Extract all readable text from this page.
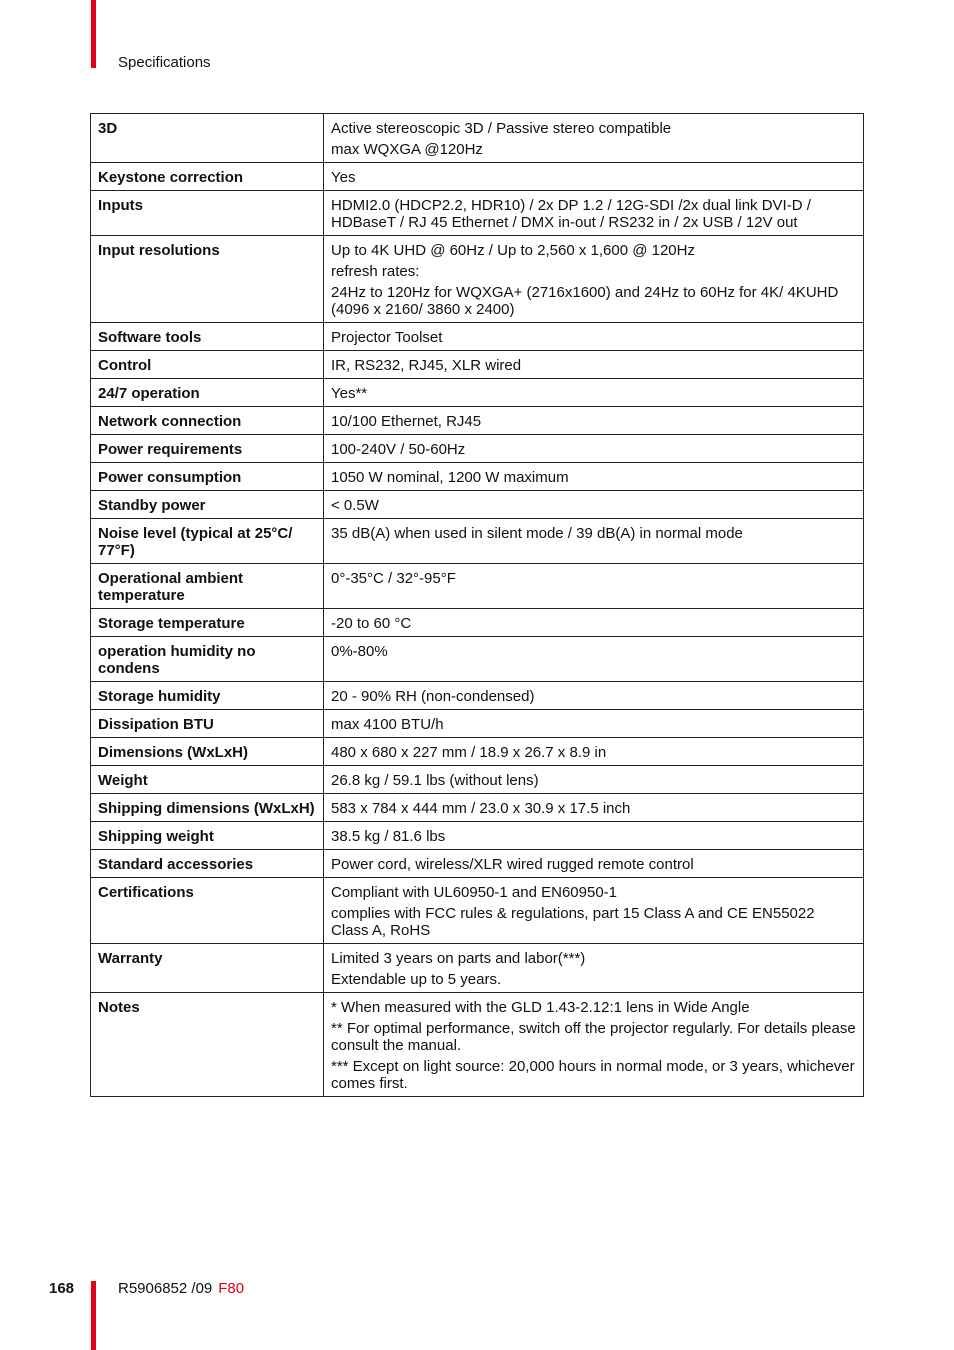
Specifications
3D	Active stereoscopic 3D / Passive stereo compatible

max WQXGA @120Hz

Keystone correction	Yes

Inputs	HDMI2.0 (HDCP2.2, HDR10) / 2x DP 1.2 / 12G-SDI /2x dual link DVI-D / HDBaseT / RJ 45 Ethernet / DMX in-out / RS232 in / 2x USB / 12V out

Input resolutions	Up to 4K UHD @ 60Hz / Up to 2,560 x 1,600 @ 120Hz

refresh rates:

24Hz to 120Hz for WQXGA+ (2716x1600) and 24Hz to 60Hz for 4K/ 4KUHD (4096 x 2160/ 3860 x 2400)

Software tools	Projector Toolset

Control	IR, RS232, RJ45, XLR wired

24/7 operation	Yes**

Network connection	10/100 Ethernet, RJ45

Power requirements	100-240V / 50-60Hz

Power consumption	1050 W nominal, 1200 W maximum

Standby power	< 0.5W

Noise level (typical at 25°C/ 77°F)	35 dB(A) when used in silent mode / 39 dB(A) in normal mode

Operational ambient temperature	0°-35°C / 32°-95°F

Storage temperature	-20 to 60 °C

operation humidity no condens	0%-80%

Storage humidity	20 - 90% RH (non-condensed)

Dissipation BTU	max 4100 BTU/h

Dimensions (WxLxH)	480 x 680 x 227 mm / 18.9 x 26.7 x 8.9 in

Weight	26.8 kg / 59.1 lbs (without lens)

Shipping dimensions (WxLxH)	583 x 784 x 444 mm / 23.0 x 30.9 x 17.5 inch

Shipping weight	38.5 kg / 81.6 lbs

Standard accessories	Power cord, wireless/XLR wired rugged remote control

Certifications	Compliant with UL60950-1 and EN60950-1

complies with FCC rules & regulations, part 15 Class A and CE EN55022 Class A, RoHS

Warranty	Limited 3 years on parts and labor(***)

Extendable up to 5 years.

Notes	* When measured with the GLD 1.43-2.12:1 lens in Wide Angle

** For optimal performance, switch off the projector regularly. For details please consult the manual.

*** Except on light source: 20,000 hours in normal mode, or 3 years, whichever comes first.

168	R5906852 /09 F80
